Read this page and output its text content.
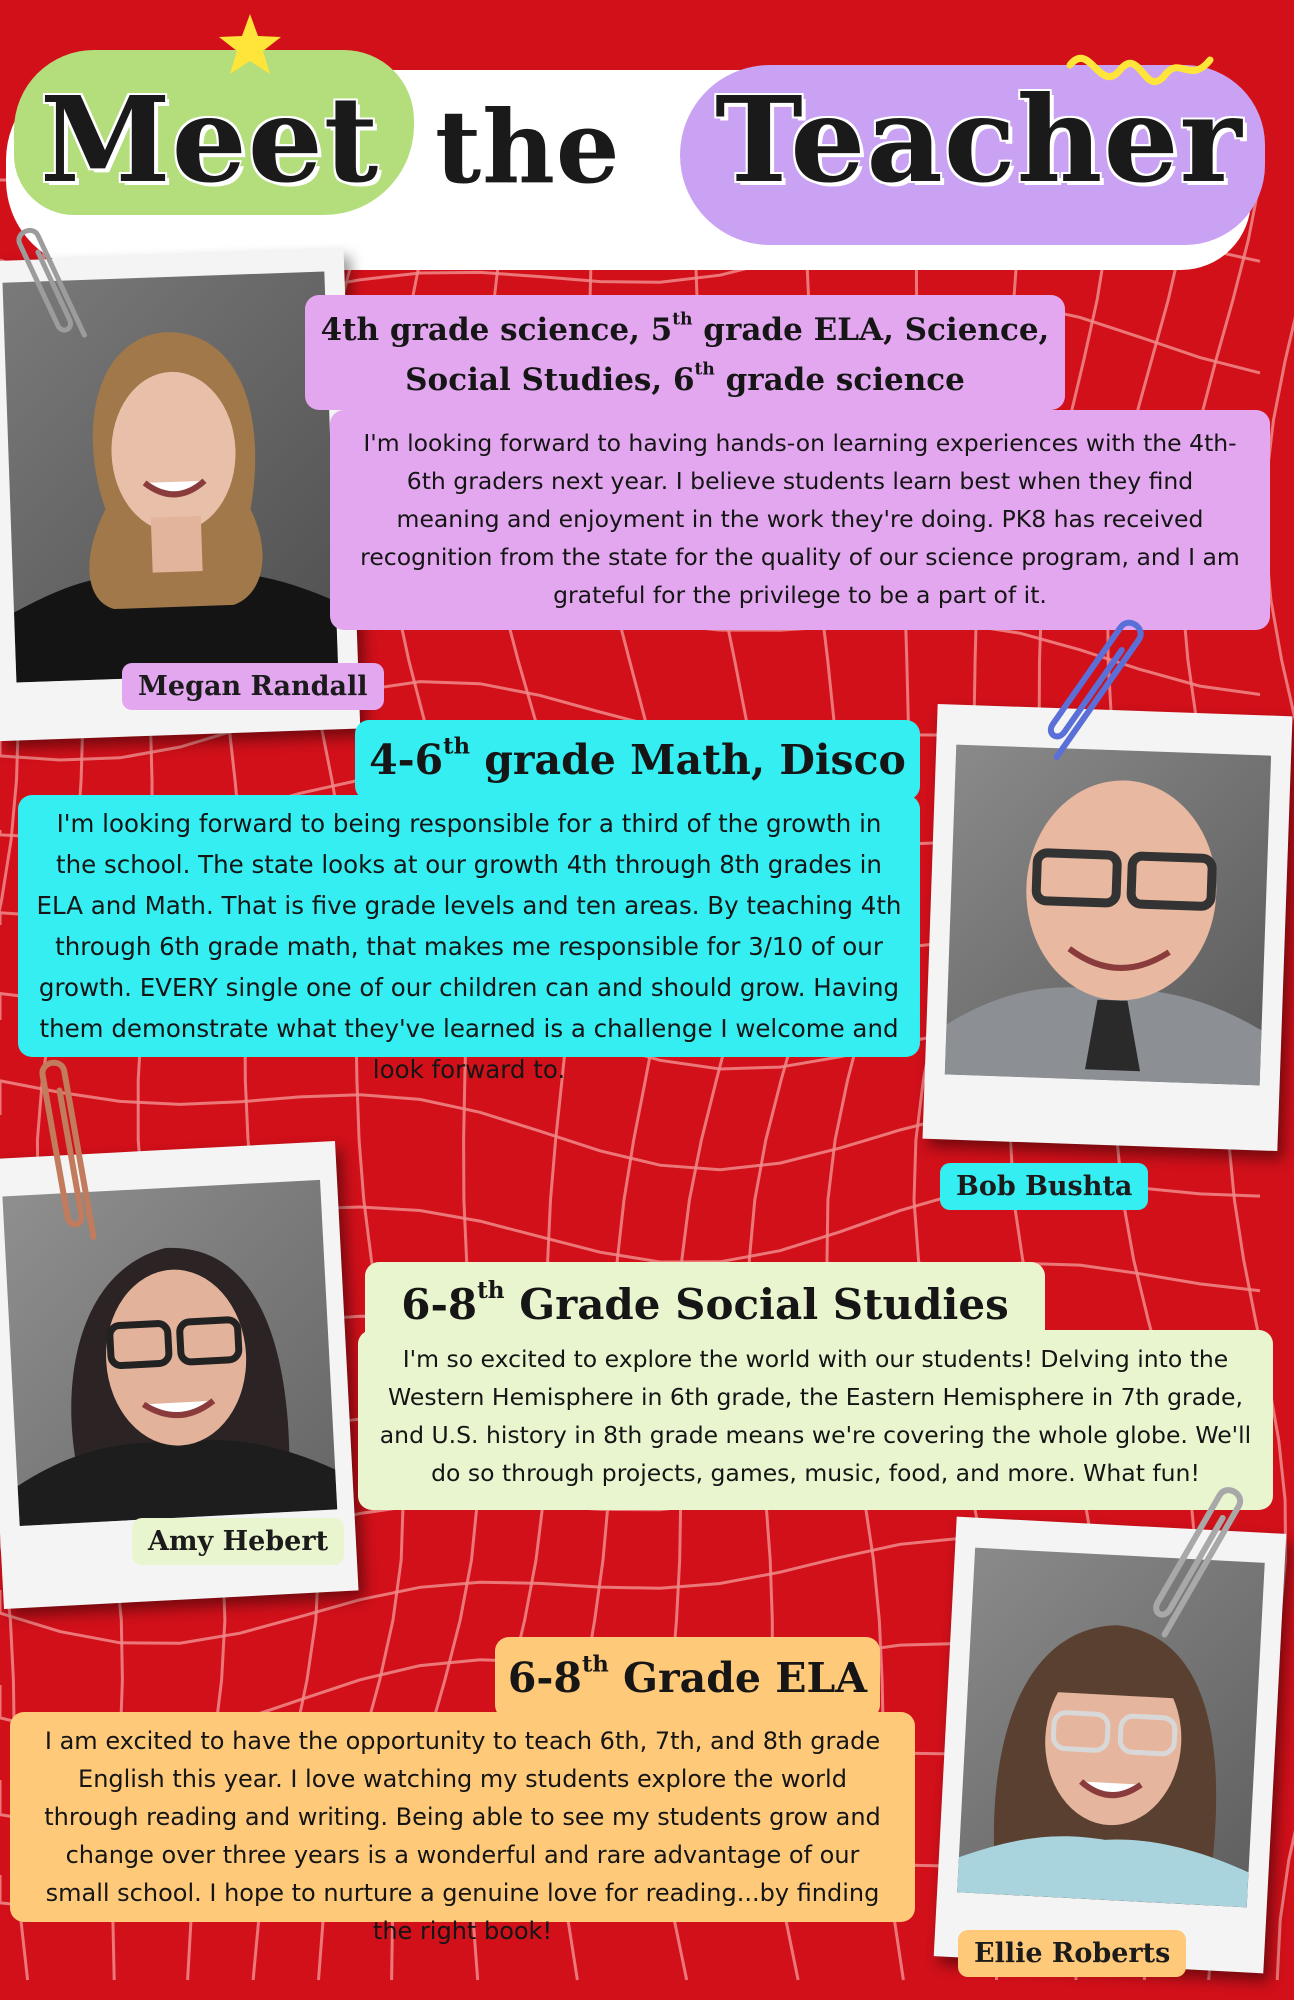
Meet the Teacher
Megan Randall
4th grade science, 5th grade ELA, Science,
Social Studies, 6th grade science
I'm looking forward to having hands-on learning experiences with the 4th-6th graders next year. I believe students learn best when they find meaning and enjoyment in the work they're doing. PK8 has received recognition from the state for the quality of our science program, and I am grateful for the privilege to be a part of it.
4-6th grade Math, Disco
I'm looking forward to being responsible for a third of the growth in the school. The state looks at our growth 4th through 8th grades in ELA and Math. That is five grade levels and ten areas. By teaching 4th through 6th grade math, that makes me responsible for 3/10 of our growth. EVERY single one of our children can and should grow. Having them demonstrate what they've learned is a challenge I welcome and look forward to.
Bob Bushta
Amy Hebert
6-8th Grade Social Studies
I'm so excited to explore the world with our students! Delving into the Western Hemisphere in 6th grade, the Eastern Hemisphere in 7th grade, and U.S. history in 8th grade means we're covering the whole globe. We'll do so through projects, games, music, food, and more. What fun!
Ellie Roberts
6-8th Grade ELA
I am excited to have the opportunity to teach 6th, 7th, and 8th grade English this year. I love watching my students explore the world through reading and writing. Being able to see my students grow and change over three years is a wonderful and rare advantage of our small school. I hope to nurture a genuine love for reading...by finding the right book!
